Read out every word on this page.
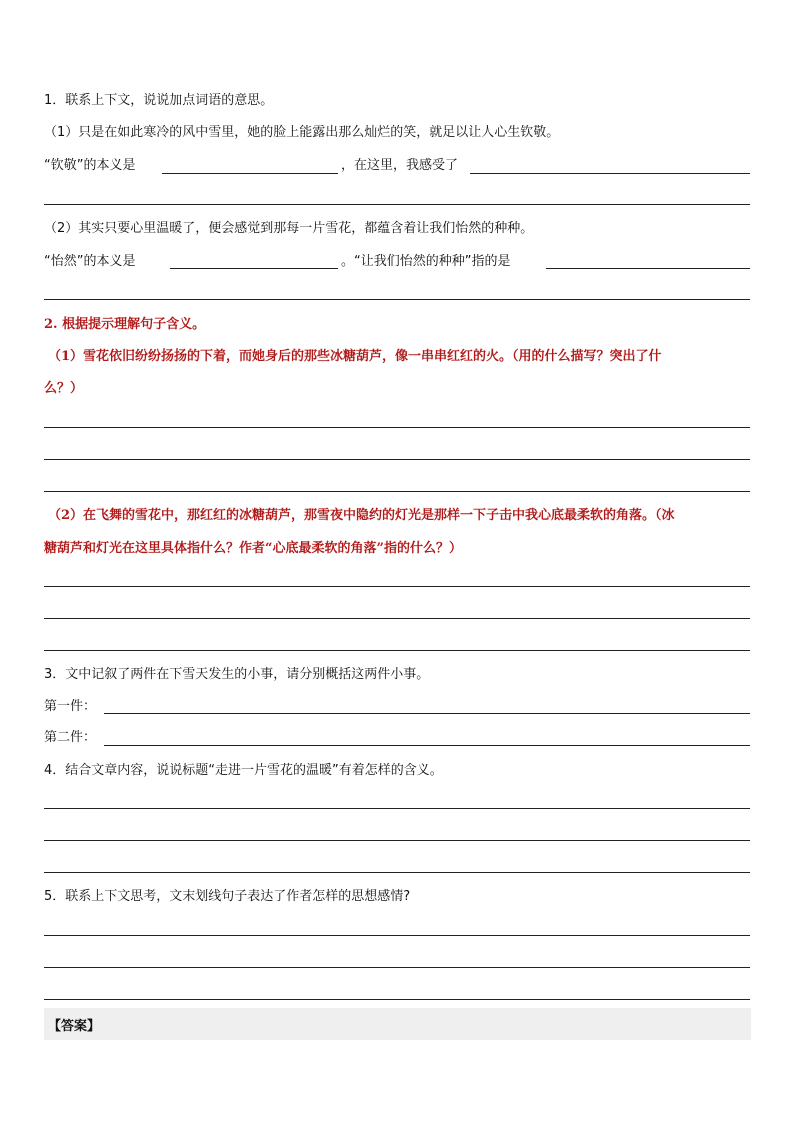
1．联系上下文，说说加点词语的意思。
（1）只是在如此寒冷的风中雪里，她的脸上能露出那么灿烂的笑，就足以让人心生钦敬。
“钦敬”的本义是	，在这里，我感受了
（2）其实只要心里温暖了，便会感觉到那每一片雪花，都蕴含着让我们怡然的种种。
“怡然”的本义是	。“让我们怡然的种种”指的是
2. 根据提示理解句子含义。
（1）雪花依旧纷纷扬扬的下着，而她身后的那些冰糖葫芦，像一串串红红的火。（用的什么描写？突出了什
么？）
（2）在飞舞的雪花中，那红红的冰糖葫芦，那雪夜中隐约的灯光是那样一下子击中我心底最柔软的角落。（冰
糖葫芦和灯光在这里具体指什么？作者“心底最柔软的角落”指的什么？）
3．文中记叙了两件在下雪天发生的小事，请分别概括这两件小事。
第一件：
第二件：
4．结合文章内容，说说标题“走进一片雪花的温暖”有着怎样的含义。
5．联系上下文思考，文末划线句子表达了作者怎样的思想感情?
【答案】
